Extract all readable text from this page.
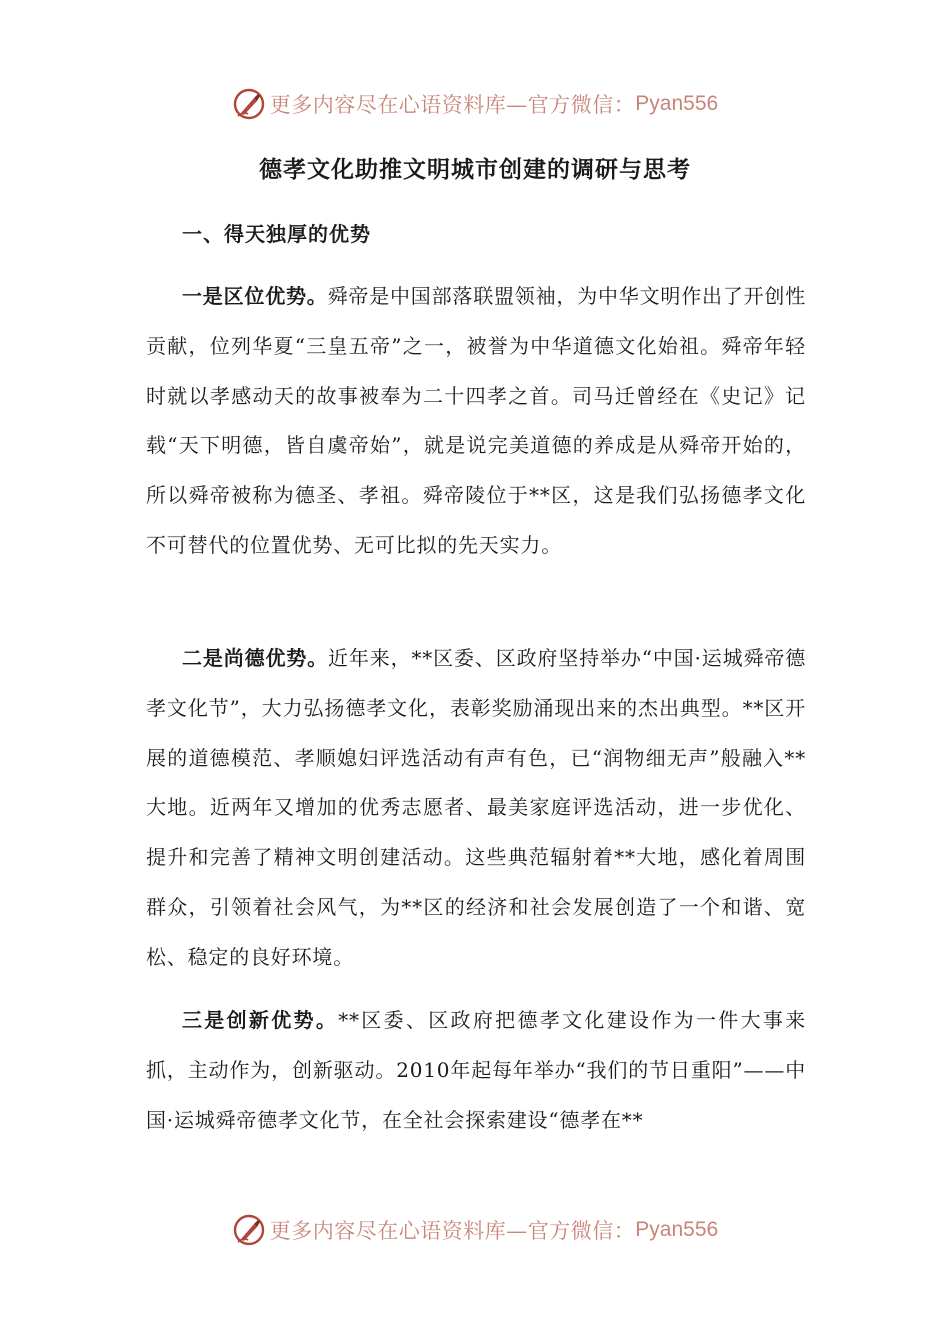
更多内容尽在心语资料库—官方微信： Pyan556
德孝文化助推文明城市创建的调研与思考
一、得天独厚的优势

一是区位优势。舜帝是中国部落联盟领袖，为中华文明作出了开创性贡献，位列华夏“三皇五帝”之一，被誉为中华道德文化始祖。舜帝年轻时就以孝感动天的故事被奉为二十四孝之首。司马迁曾经在《史记》记载“天下明德，皆自虞帝始”，就是说完美道德的养成是从舜帝开始的，所以舜帝被称为德圣、孝祖。舜帝陵位于**区，这是我们弘扬德孝文化不可替代的位置优势、无可比拟的先天实力。

二是尚德优势。近年来，**区委、区政府坚持举办“中国·运城舜帝德孝文化节”，大力弘扬德孝文化，表彰奖励涌现出来的杰出典型。**区开展的道德模范、孝顺媳妇评选活动有声有色，已“润物细无声”般融入**大地。近两年又增加的优秀志愿者、最美家庭评选活动，进一步优化、提升和完善了精神文明创建活动。这些典范辐射着**大地，感化着周围群众，引领着社会风气，为**区的经济和社会发展创造了一个和谐、宽松、稳定的良好环境。

三是创新优势。**区委、区政府把德孝文化建设作为一件大事来抓，主动作为，创新驱动。2010年起每年举办“我们的节日重阳”——中国·运城舜帝德孝文化节，在全社会探索建设“德孝在**

更多内容尽在心语资料库—官方微信： Pyan556
